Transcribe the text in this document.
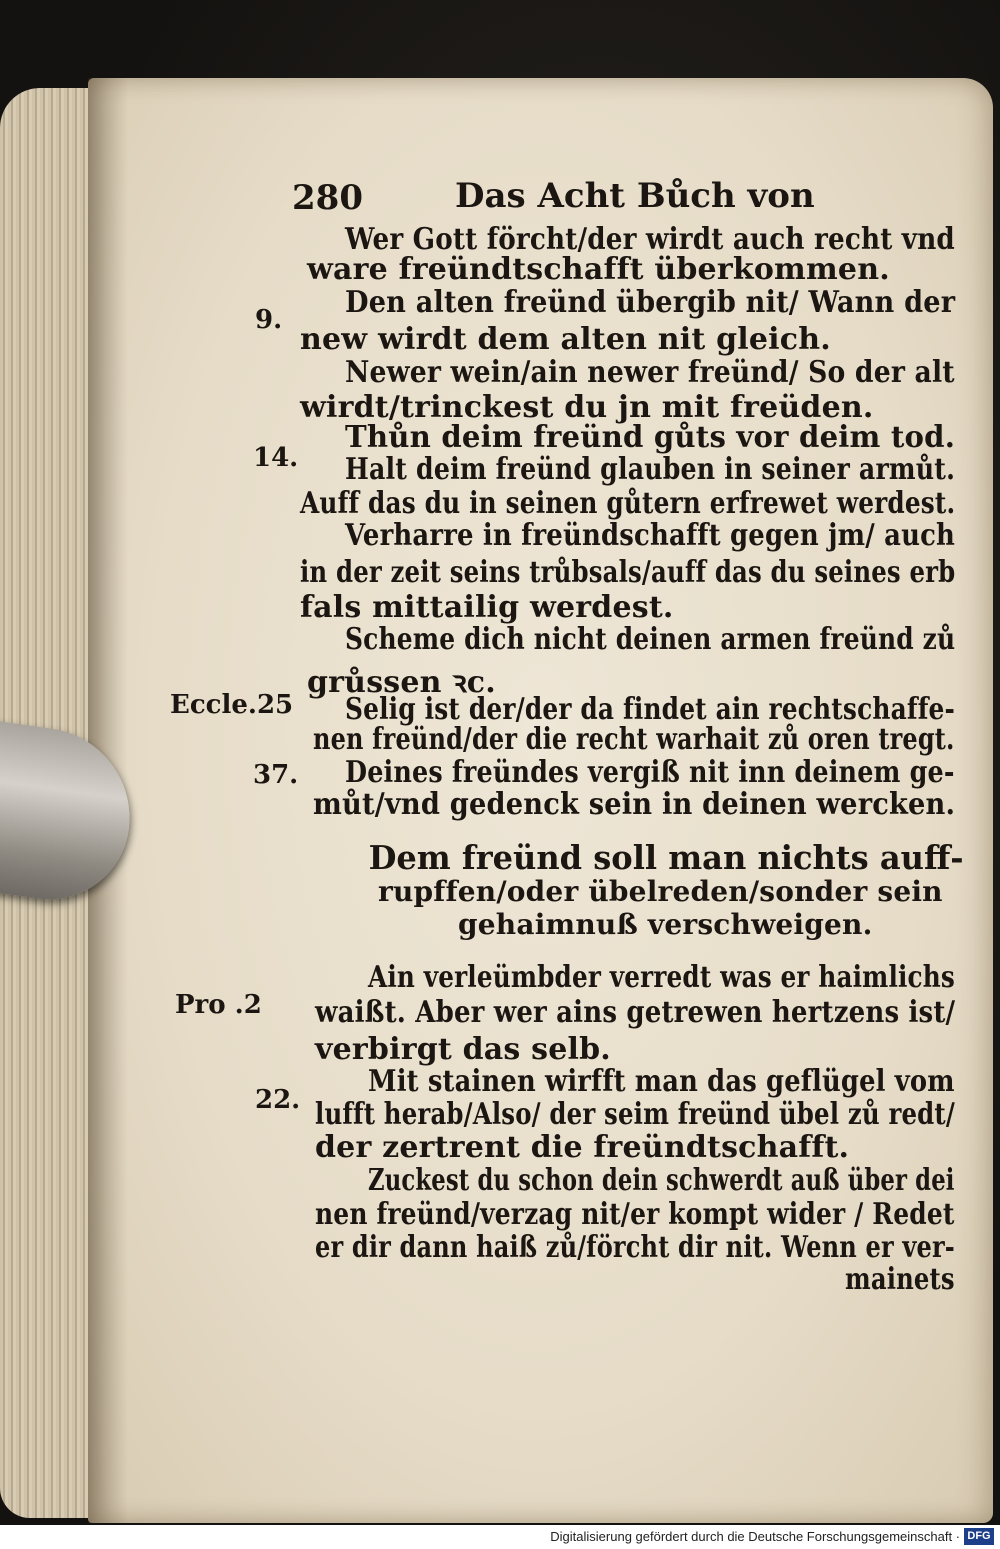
280	Das Acht Bůch von
Wer Gott förcht/der wirdt auch recht vnd
ware freündtschafft überkommen.
Den alten freünd übergib nit/ Wann der
new wirdt dem alten nit gleich.
Newer wein/ain newer freünd/ So der alt
wirdt/trinckest du jn mit freüden.
Thůn deim freünd gůts vor deim tod.
Halt deim freünd glauben in seiner armůt.
Auff das du in seinen gůtern erfrewet werdest.
Verharre in freündschafft gegen jm/ auch
in der zeit seins trůbsals/auff das du seines erb
fals mittailig werdest.
Scheme dich nicht deinen armen freünd zů
grůssen ꝛc.
Selig ist der/der da findet ain rechtschaffe-
nen freünd/der die recht warhait zů oren tregt.
Deines freündes vergiß nit inn deinem ge-
můt/vnd gedenck sein in deinen wercken.
9.
14.
Eccle.25
37.
Pro .2
22.
Dem freünd soll man nichts auff-
rupffen/oder übelreden/sonder sein
gehaimnuß verschweigen.
Ain verleümbder verredt was er haimlichs
waißt. Aber wer ains getrewen hertzens ist/
verbirgt das selb.
Mit stainen wirfft man das geflügel vom
lufft herab/Also/ der seim freünd übel zů redt/
der zertrent die freündtschafft.
Zuckest du schon dein schwerdt auß über dei
nen freünd/verzag nit/er kompt wider / Redet
er dir dann haiß zů/förcht dir nit. Wenn er ver-
mainets
Digitalisierung gefördert durch die Deutsche Forschungsgemeinschaft · DFG
